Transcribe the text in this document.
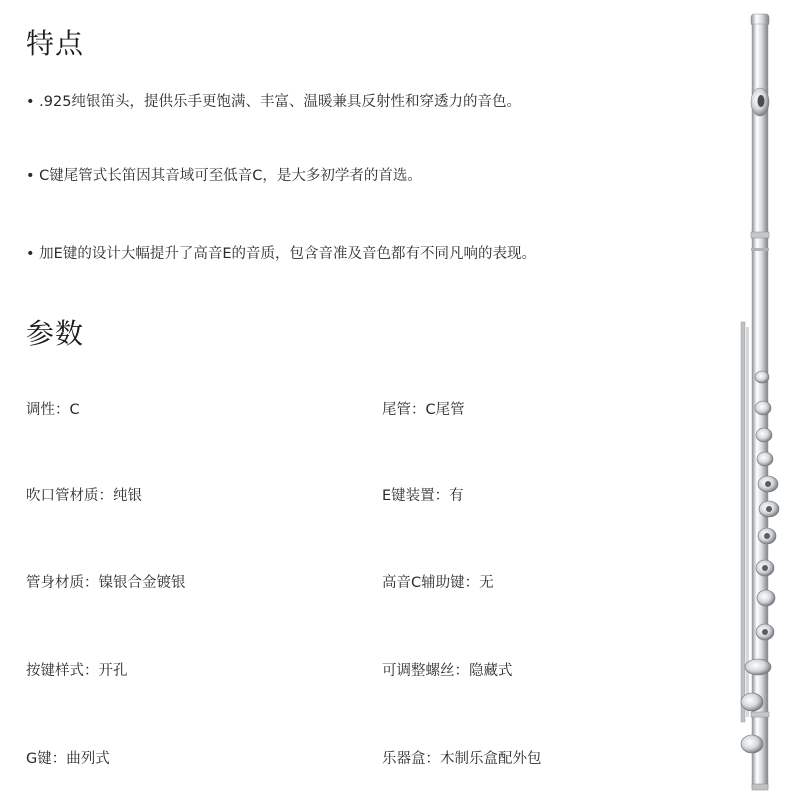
特点
• .925纯银笛头，提供乐手更饱满、丰富、温暖兼具反射性和穿透力的音色。
• C键尾管式长笛因其音域可至低音C，是大多初学者的首选。
• 加E键的设计大幅提升了高音E的音质，包含音准及音色都有不同凡响的表现。
参数
调性：C
吹口管材质：纯银
管身材质：镍银合金镀银
按键样式：开孔
G键：曲列式
尾管：C尾管
E键装置：有
高音C辅助键：无
可调整螺丝：隐藏式
乐器盒：木制乐盒配外包
